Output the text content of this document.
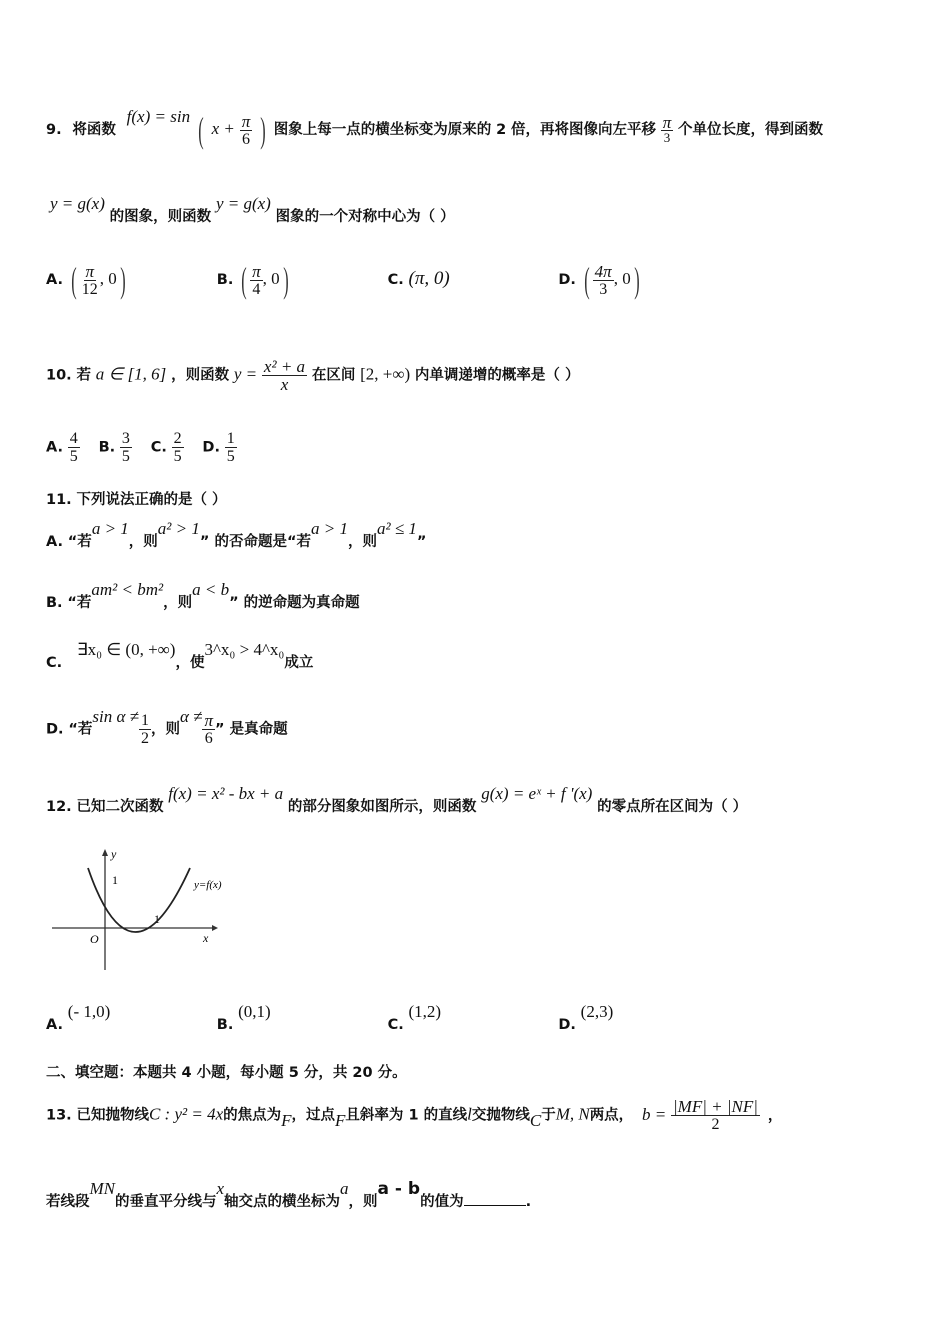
9. 将函数 f(x) = sin ( $x + \frac{\pi}{6}$ ) 图象上每一点的横坐标变为原来的 2 倍，再将图像向左平移 $\frac{\pi}{3}$ 个单位长度，得到函数
y = g(x) 的图象，则函数 y = g(x) 图象的一个对称中心为（ ）
A. ( $\frac{\pi}{12}$ , 0)	B. ( $\frac{\pi}{4}$ , 0)	C. (π, 0)	D. ( $\frac{4\pi}{3}$ , 0)
10. 若 a ∈ [1, 6] ，则函数 $y = \frac{\text{x² + a}}{x}$ 在区间 [2, +∞) 内单调递增的概率是（ ）
A. $\frac{4}{5} B$. $\frac{3}{5} C$. $\frac{2}{5} D$. $\frac{1}{5}$
11. 下列说法正确的是（ ）
A. “若a > 1，则a² > 1” 的否命题是“若a > 1，则a² ≤ 1”
B. “若am² < bm²，则a < b” 的逆命题为真命题
C. ∃x₀ ∈ (0, +∞)，使3^x₀ > 4^x₀成立
D. “若$\sin \alpha \ne \frac{1}{2}$ ，则$\alpha \ne \frac{\pi}{6}$ ” 是真命题
12. 已知二次函数 f(x) = x² - bx + a 的部分图象如图所示，则函数 g(x) = eˣ + f '(x) 的零点所在区间为（ ）
y
x
O
1
1
y=f(x)
A. (- 1,0) B. (0,1) C. (1,2) D. (2,3)
二、填空题：本题共 4 小题，每小题 5 分，共 20 分。
13. 已知抛物线C : y² = 4x的焦点为F，过点F且斜率为 1 的直线l交抛物线C于M, N两点， $b = \frac{|MF| + |NF|}{2}$ ，
若线段MN的垂直平分线与x轴交点的横坐标为a，则a - b的值为	.
